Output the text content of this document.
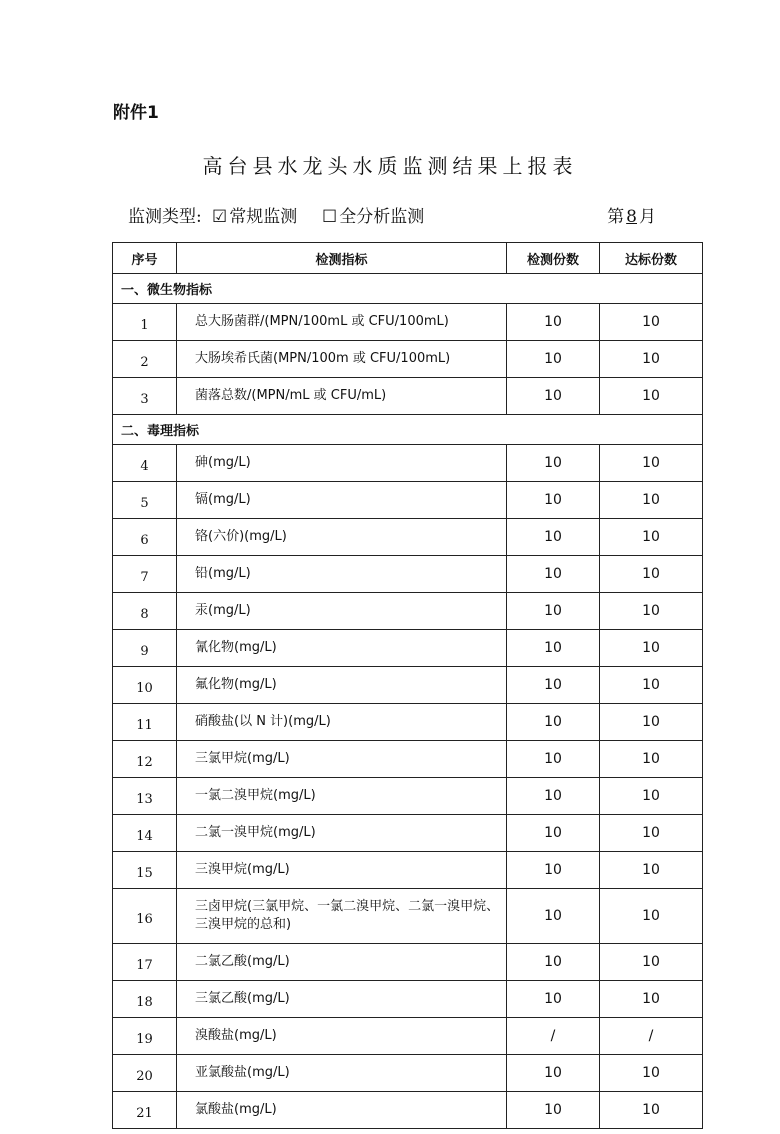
附件1
高台县水龙头水质监测结果上报表
监测类型: ☑ 常规监测 ☐ 全分析监测	第 8 月
序号	检测指标	检测份数	达标份数
一、微生物指标			
1	总大肠菌群/(MPN/100mL 或 CFU/100mL)	10	10
2	大肠埃希氏菌(MPN/100m 或 CFU/100mL)	10	10
3	菌落总数/(MPN/mL 或 CFU/mL)	10	10
二、毒理指标			
4	砷(mg/L)	10	10
5	镉(mg/L)	10	10
6	铬(六价)(mg/L)	10	10
7	铅(mg/L)	10	10
8	汞(mg/L)	10	10
9	氰化物(mg/L)	10	10
10	氟化物(mg/L)	10	10
11	硝酸盐(以 N 计)(mg/L)	10	10
12	三氯甲烷(mg/L)	10	10
13	一氯二溴甲烷(mg/L)	10	10
14	二氯一溴甲烷(mg/L)	10	10
15	三溴甲烷(mg/L)	10	10
16	三卤甲烷(三氯甲烷、一氯二溴甲烷、二氯一溴甲烷、三溴甲烷的总和)	10	10
17	二氯乙酸(mg/L)	10	10
18	三氯乙酸(mg/L)	10	10
19	溴酸盐(mg/L)	/	/
20	亚氯酸盐(mg/L)	10	10
21	氯酸盐(mg/L)	10	10
